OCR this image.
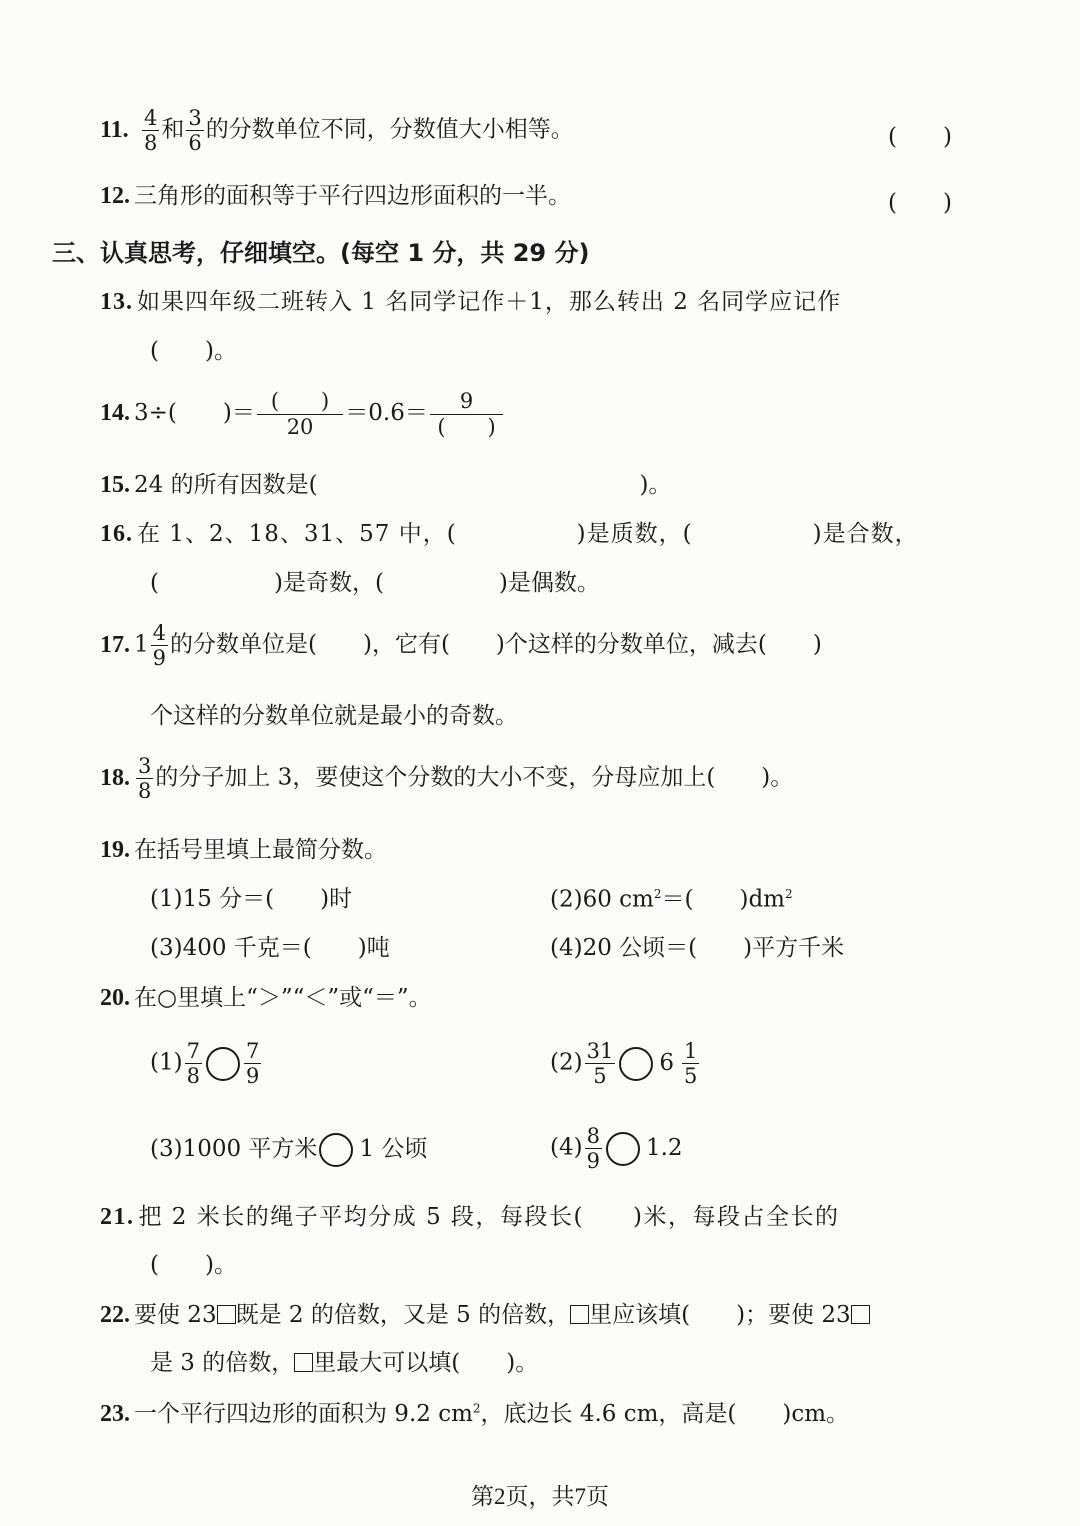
11. $\frac{4}{8}$ 和 $\frac{3}{6}$ 的分数单位不同，分数值大小相等。	(　　)
12. 三角形的面积等于平行四边形面积的一半。	(　　)
三、认真思考，仔细填空。(每空 1 分，共 29 分)
13. 如果四年级二班转入 1 名同学记作＋1，那么转出 2 名同学应记作
(　　)。
14. 3÷(　　)＝ $\frac{( )}{20} =0.6= \frac{9}{( )}$
15. 24 的所有因数是(　　　　　　　　　　　　　　)。
16. 在 1、2、18、31、57 中，(　　　　　)是质数，(　　　　　)是合数，
(　　　　　)是奇数，(　　　　　)是偶数。
17. $1 \frac{4}{9}$ 的分数单位是(　　)，它有(　　)个这样的分数单位，减去(　　)
个这样的分数单位就是最小的奇数。
18. $\frac{3}{8}$ 的分子加上 3，要使这个分数的大小不变，分母应加上(　　)。
19. 在括号里填上最简分数。
(1)15 分＝(　　)时	(2)60 $cm^2=$(　　)$dm^2$
(3)400 千克＝(　　)吨	(4)20 公顷＝(　　)平方千米
20. 在○里填上“＞”“＜”或“＝”。
$(1) \frac{7}{8} \frac{7}{9}$	$(2) \frac{31}{5} 6 \frac{1}{5}$
(3)1000 平方米 1 公顷	$(4) \frac{8}{9} 1.2$
21. 把 2 米长的绳子平均分成 5 段，每段长(　　)米，每段占全长的
(　　)。
22. 要使 23 既是 2 的倍数，又是 5 的倍数， 里应该填(　　)；要使 23
是 3 的倍数， 里最大可以填(　　)。
23. 一个平行四边形的面积为 9.2 $cm^2$，底边长 4.6 cm，高是(　　)cm。
第2页，共7页
